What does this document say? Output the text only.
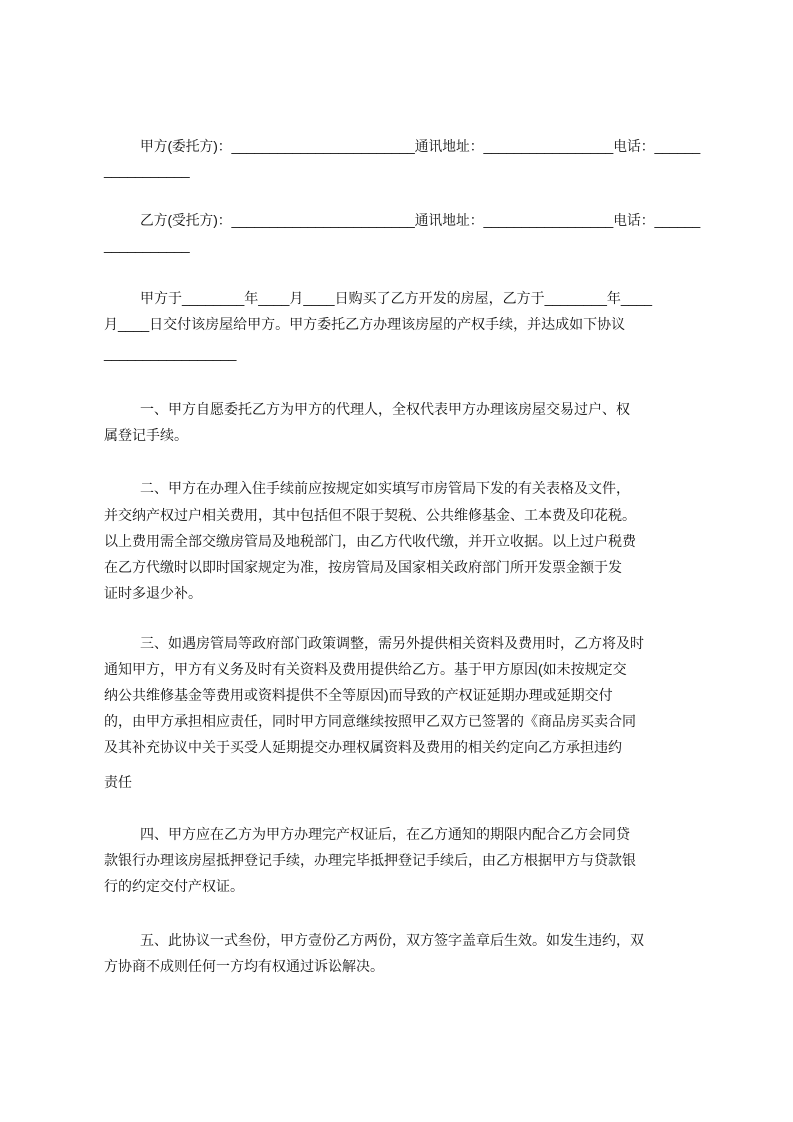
甲方(委托方)：________________________通讯地址：_________________电话：______
___________
乙方(受托方)：________________________通讯地址：_________________电话：______
___________
甲方于________年____月____日购买了乙方开发的房屋，乙方于________年____
月____日交付该房屋给甲方。甲方委托乙方办理该房屋的产权手续，并达成如下协议
_________________
一、甲方自愿委托乙方为甲方的代理人，全权代表甲方办理该房屋交易过户、权
属登记手续。
二、甲方在办理入住手续前应按规定如实填写市房管局下发的有关表格及文件，
并交纳产权过户相关费用，其中包括但不限于契税、公共维修基金、工本费及印花税。
以上费用需全部交缴房管局及地税部门，由乙方代收代缴，并开立收据。以上过户税费
在乙方代缴时以即时国家规定为准，按房管局及国家相关政府部门所开发票金额于发
证时多退少补。
三、如遇房管局等政府部门政策调整，需另外提供相关资料及费用时，乙方将及时
通知甲方，甲方有义务及时有关资料及费用提供给乙方。基于甲方原因(如未按规定交
纳公共维修基金等费用或资料提供不全等原因)而导致的产权证延期办理或延期交付
的，由甲方承担相应责任，同时甲方同意继续按照甲乙双方已签署的《商品房买卖合同
及其补充协议中关于买受人延期提交办理权属资料及费用的相关约定向乙方承担违约
责任
四、甲方应在乙方为甲方办理完产权证后，在乙方通知的期限内配合乙方会同贷
款银行办理该房屋抵押登记手续，办理完毕抵押登记手续后，由乙方根据甲方与贷款银
行的约定交付产权证。
五、此协议一式叁份，甲方壹份乙方两份，双方签字盖章后生效。如发生违约，双
方协商不成则任何一方均有权通过诉讼解决。
